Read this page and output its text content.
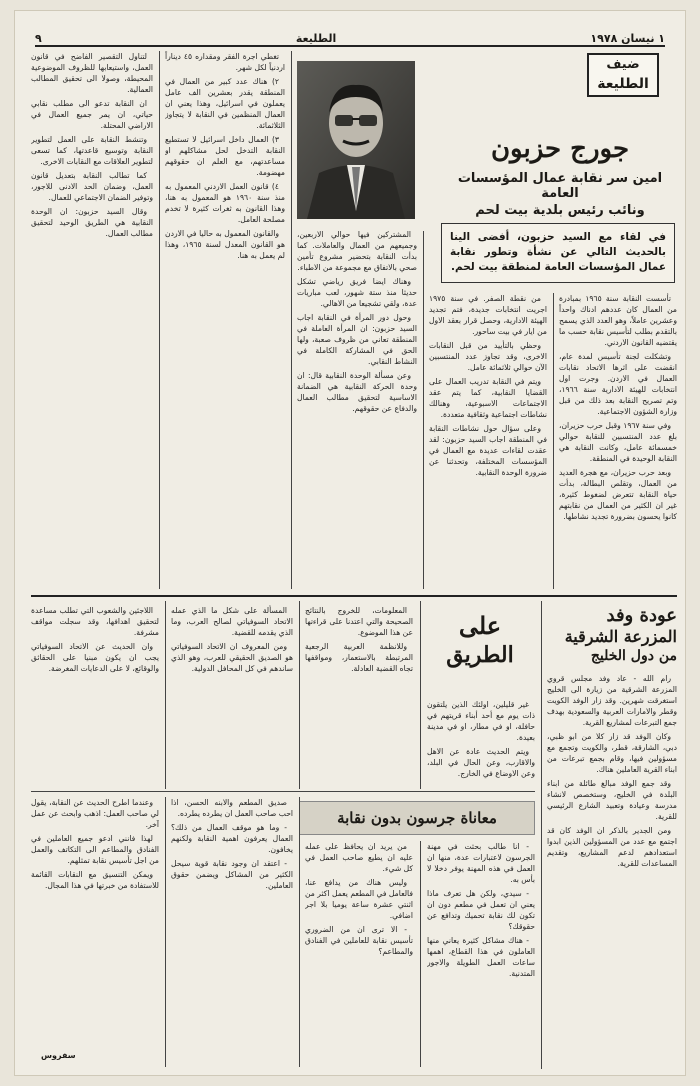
١ نيسان ١٩٧٨
الطليعة
٩
ضيف
الطليعة
جورج حزبون
امين سر نقابة عمال المؤسسات العامة
ونائب رئيس بلدية بيت لحم
في لقاء مع السيد حزبون، أفضى الينا بالحديث التالي عن نشأة وتطور نقابة عمال المؤسسات العامة لمنطقة بيت لحم.

تأسست النقابة سنة ١٩٦٥ بمبادرة من العمال كان عددهم ادناك واحداً وعشرين عاملاً، وهو العدد الذي يسمح بالتقدم بطلب لتأسيس نقابة حسب ما يقتضيه القانون الاردني.

وتشكلت لجنة تأسيس لمدة عام، انقضت على اثرها الاتحاد نقابات العمال في الاردن. وجرت اول انتخابات للهيئة الادارية سنة ١٩٦٦، وتم تصريح النقابة بعد ذلك من قبل وزارة الشؤون الاجتماعية.

وفي سنة ١٩٦٧ وقبل حرب حزيران، بلغ عدد المنتسبين للنقابة حوالي خمسمائة عامل، وكانت النقابة هي النقابة الوحيدة في المنطقة.

وبعد حرب حزيران، مع هجرة العديد من العمال، وتقلص البطالة، بدأت حياة النقابة تتعرض لضغوط كثيرة، غير ان الكثير من العمال من نقابتهم كانوا يحسون بضرورة تجديد نشاطها.

من نقطة الصفر. في سنة ١٩٧٥ اجريت انتخابات جديدة، فتم تجديد الهيئة الادارية، وحصل قرار بعقد الاول من ايار في بيت ساحور.

وحظي بالتأييد من قبل النقابات الاخرى، وقد تجاوز عدد المنتسبين الآن حوالي ثلاثمائة عامل.

ويتم في النقابة تدريب العمال على القضايا النقابية، كما يتم عقد الاجتماعات الاسبوعية، وهنالك نشاطات اجتماعية وثقافية متعددة.

وعلى سؤال حول نشاطات النقابة في المنطقة اجاب السيد حزبون: لقد عقدت لقاءات عديدة مع العمال في المؤسسات المختلفة، وتحدثنا عن ضرورة الوحدة النقابية.

المشتركين فيها حوالي الاربعين، وجميعهم من العمال والعاملات. كما بدأت النقابة بتحضير مشروع تأمين صحي بالاتفاق مع مجموعة من الاطباء.

وهناك ايضا فريق رياضي تشكل حديثا منذ ستة شهور، لعب مباريات عدة، ولقي تشجيعا من الاهالي.

وحول دور المرأة في النقابة اجاب السيد حزبون: ان المرأة العاملة في المنطقة تعاني من ظروف صعبة، ولها الحق في المشاركة الكاملة في النشاط النقابي.

وعن مسألة الوحدة النقابية قال: ان وحدة الحركة النقابية هي الضمانة الاساسية لتحقيق مطالب العمال والدفاع عن حقوقهم.

تغطي اجرة الفقر ومقداره ٤٥ ديناراً اردنياً لكل شهر.

٢) هناك عدد كبير من العمال في المنطقة يقدر بعشرين الف عامل يعملون في اسرائيل، وهذا يعني ان العمال المنظمين في النقابة لا يتجاوز الثلاثمائة.

٣) العمال داخل اسرائيل لا تستطيع النقابة التدخل لحل مشاكلهم او مساعدتهم، مع العلم ان حقوقهم مهضومة.

٤) قانون العمل الاردني المعمول به منذ سنة ١٩٦٠ هو المعمول به هنا، وهذا القانون به ثغرات كثيرة لا تخدم مصلحة العامل.

والقانون المعمول به حاليا في الاردن هو القانون المعدل لسنة ١٩٦٥، وهذا لم يعمل به هنا.

لتناول التقصير الفاضح في قانون العمل، واستيعابها للظروف الموضوعية المحيطة، وصولا الى تحقيق المطالب العمالية.

ان النقابة تدعو الى مطلب نقابي حياتي، ان يمر جميع العمال في الاراضي المحتلة.

وتنشط النقابة على العمل لتطوير النقابة وتوسيع قاعدتها، كما تسعى لتطوير العلاقات مع النقابات الاخرى.

كما تطالب النقابة بتعديل قانون العمل، وضمان الحد الادنى للاجور، وتوفير الضمان الاجتماعي للعمال.

وقال السيد حزبون: ان الوحدة النقابية هي الطريق الوحيد لتحقيق مطالب العمال.

عودة وفد
المزرعة الشرقية
من دول الخليج

رام الله - عاد وفد مجلس قروي المزرعة الشرقية من زيارة الى الخليج استغرقت شهرين. وقد زار الوفد الكويت وقطر والامارات العربية والسعودية بهدف جمع التبرعات لمشاريع القرية.

وكان الوفد قد زار كلا من ابو ظبي، دبي، الشارقة، قطر، والكويت وتجمع مع مسؤولين فيها، وقام بجمع تبرعات من ابناء القرية العاملين هناك.

وقد جمع الوفد مبالغ طائلة من ابناء البلدة في الخليج، وستخصص لانشاء مدرسة وعيادة وتعبيد الشارع الرئيسي للقرية.

ومن الجدير بالذكر ان الوفد كان قد اجتمع مع عدد من المسؤولين الذين ابدوا استعدادهم لدعم المشاريع، وتقديم المساعدات للقرية.

على
الطريق

غير قليلين، اولئك الذين يلتقون ذات يوم مع أحد أبناء قريتهم في حافلة، او في مطار، او في مدينة بعيدة.

ويتم الحديث عادة عن الاهل والاقارب، وعن الحال في البلد، وعن الاوضاع في الخارج.

المعلومات، للخروج بالنتائج الصحيحة والتي اعتدنا على قراءتها عن هذا الموضوع.

وللانظمة العربية الرجعية المرتبطة بالاستعمار، ومواقفها تجاه القضية العادلة.

المسألة على شكل ما الذي عمله الاتحاد السوفياتي لصالح العرب، وما الذي يقدمه للقضية.

ومن المعروف ان الاتحاد السوفياتي هو الصديق الحقيقي للعرب، وهو الذي ساندهم في كل المحافل الدولية.

اللاجئين والشعوب التي تطلب مساعدة لتحقيق اهدافها، وقد سجلت مواقف مشرفة.

وان الحديث عن الاتحاد السوفياتي يجب ان يكون مبنيا على الحقائق والوقائع، لا على الدعايات المغرضة.

معاناة جرسون بدون نقابة

- انا طالب بحثت في مهنة الجرسون لاعتبارات عدة، منها ان العمل في هذه المهنة يوفر دخلا لا بأس به.

- سيدي، ولكن هل تعرف ماذا يعني ان تعمل في مطعم دون ان تكون لك نقابة تحميك وتدافع عن حقوقك؟

- هناك مشاكل كثيرة يعاني منها العاملون في هذا القطاع، اهمها ساعات العمل الطويلة والاجور المتدنية.

من يريد ان يحافظ على عمله عليه ان يطيع صاحب العمل في كل شيء.

وليس هناك من يدافع عنا، فالعامل في المطعم يعمل اكثر من اثنتي عشرة ساعة يوميا بلا اجر اضافي.

- الا ترى ان من الضروري تأسيس نقابة للعاملين في الفنادق والمطاعم؟

صديق المطعم والابنه الحسن، اذا احب صاحب العمل ان يطرده يطرده.

- وما هو موقف العمال من ذلك؟ العمال يعرفون اهمية النقابة ولكنهم يخافون.

- اعتقد ان وجود نقابة قوية سيحل الكثير من المشاكل ويضمن حقوق العاملين.

وعندما اطرح الحديث عن النقابة، يقول لي صاحب العمل: اذهب وابحث عن عمل آخر.

لهذا فانني ادعو جميع العاملين في الفنادق والمطاعم الى التكاتف والعمل من اجل تأسيس نقابة تمثلهم.

ويمكن التنسيق مع النقابات القائمة للاستفادة من خبرتها في هذا المجال.

سفروس
